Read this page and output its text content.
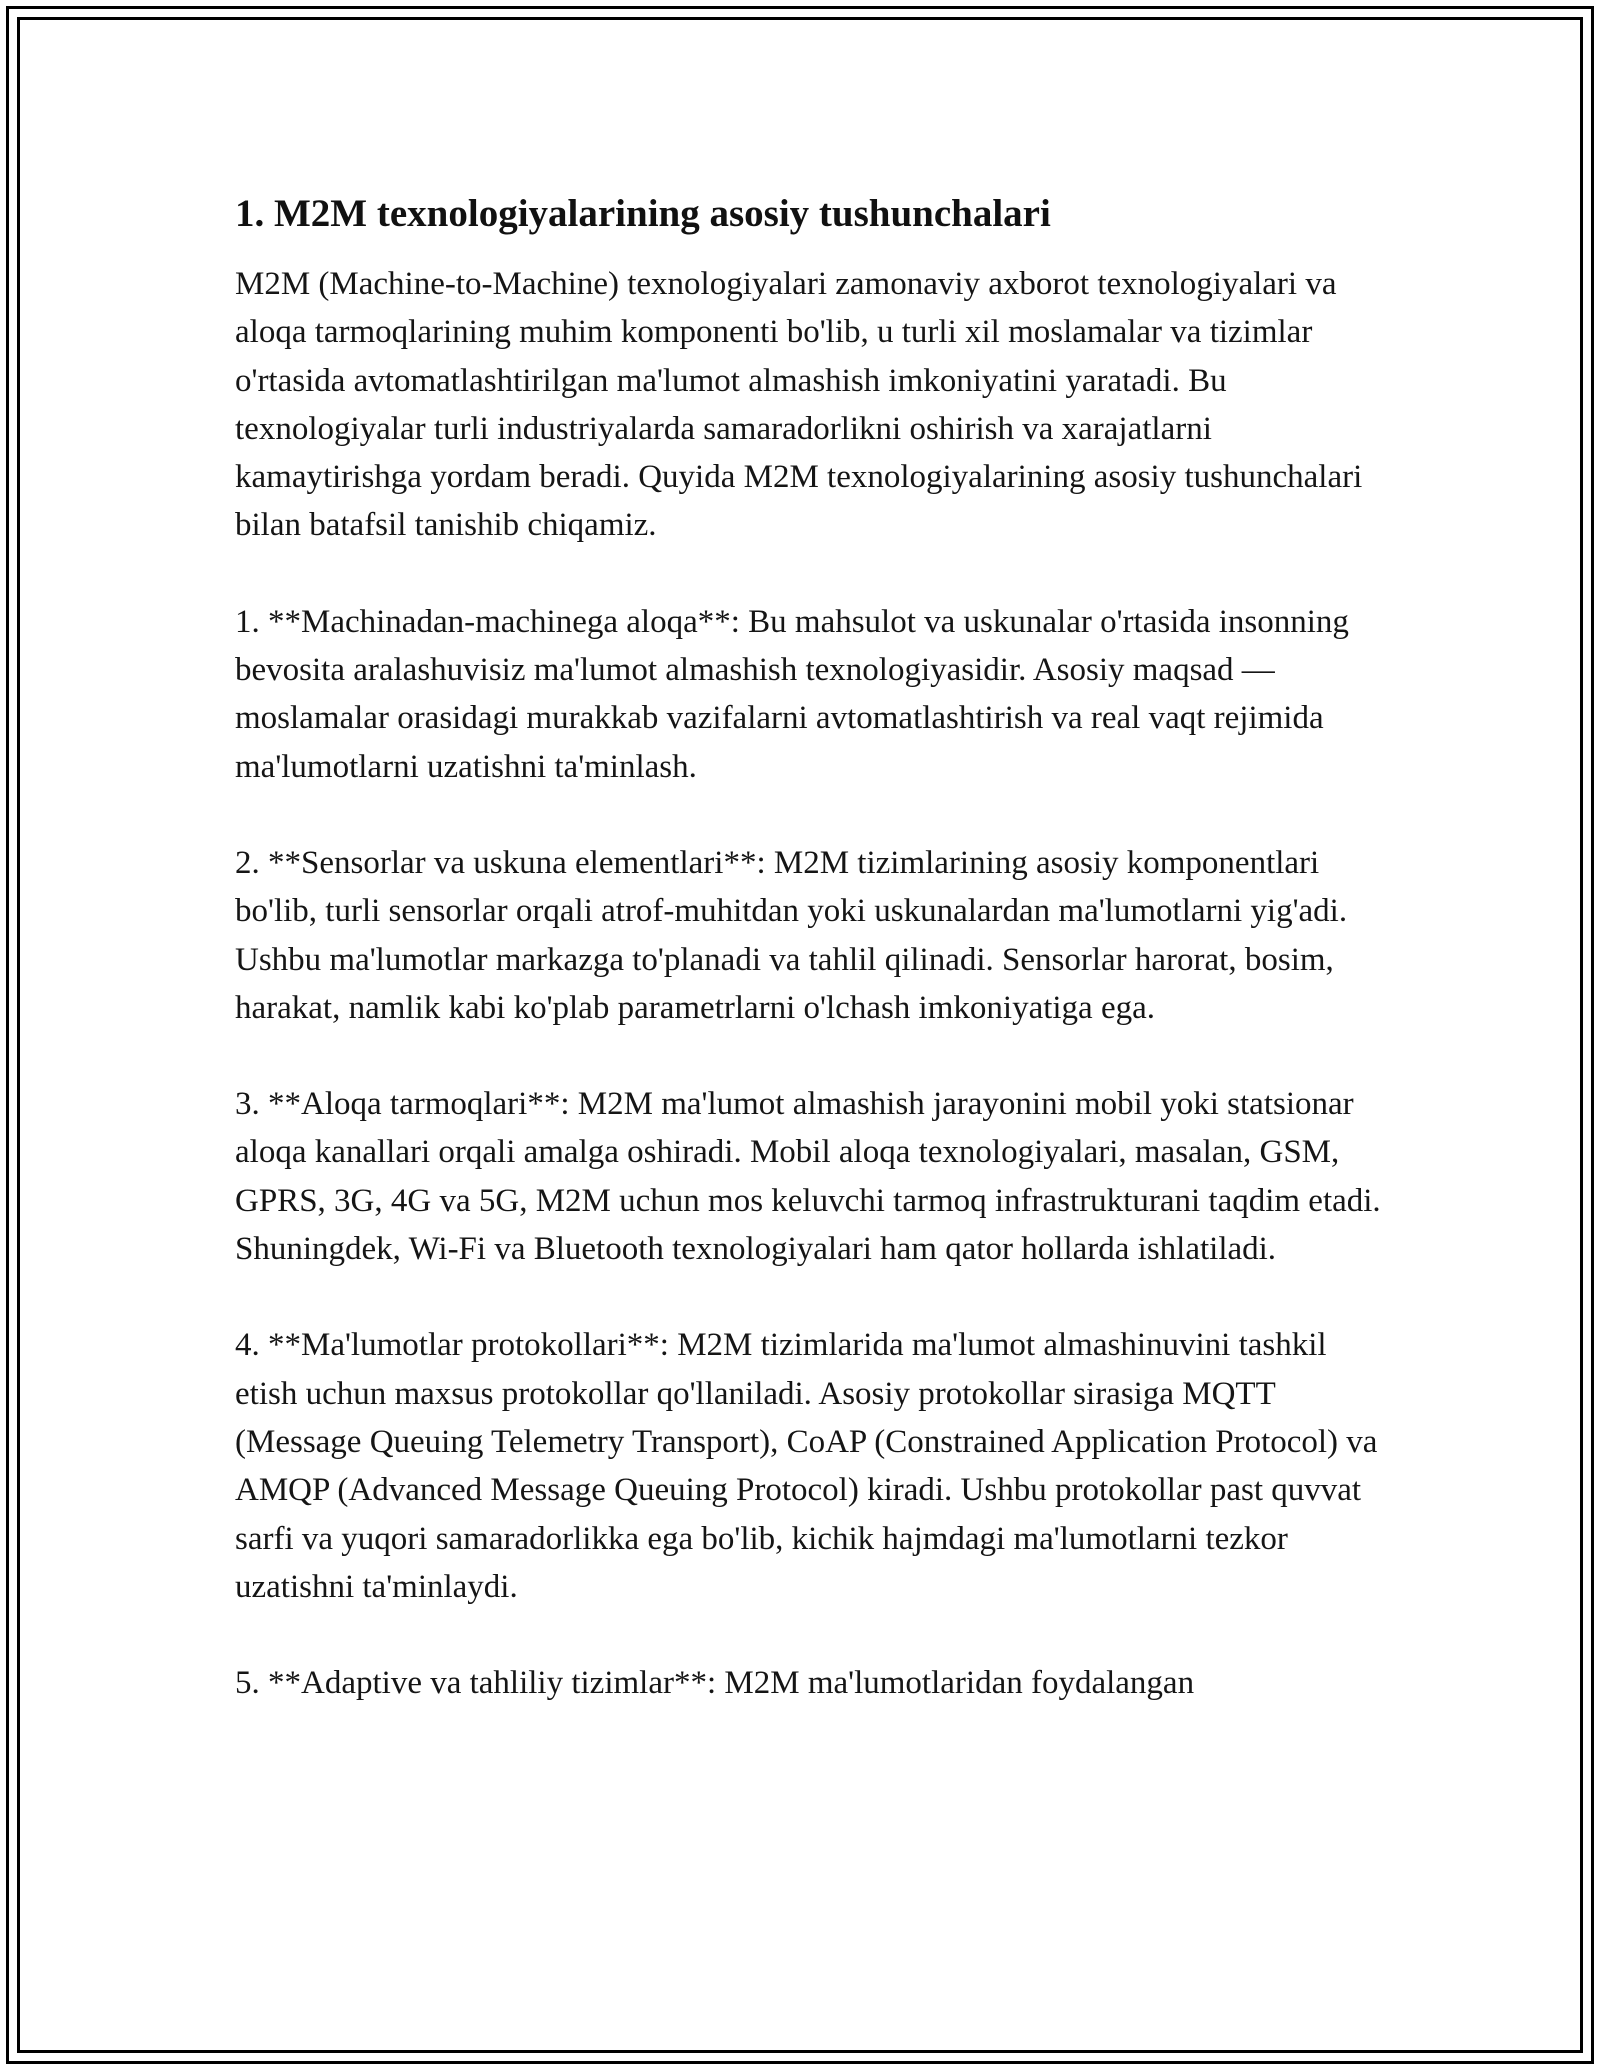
1. M2M texnologiyalarining asosiy tushunchalari

M2M (Machine-to-Machine) texnologiyalari zamonaviy axborot texnologiyalari va aloqa tarmoqlarining muhim komponenti bo'lib, u turli xil moslamalar va tizimlar o'rtasida avtomatlashtirilgan ma'lumot almashish imkoniyatini yaratadi. Bu texnologiyalar turli industriyalarda samaradorlikni oshirish va xarajatlarni kamaytirishga yordam beradi. Quyida M2M texnologiyalarining asosiy tushunchalari bilan batafsil tanishib chiqamiz.

1. **Machinadan-machinega aloqa**: Bu mahsulot va uskunalar o'rtasida insonning bevosita aralashuvisiz ma'lumot almashish texnologiyasidir. Asosiy maqsad — moslamalar orasidagi murakkab vazifalarni avtomatlashtirish va real vaqt rejimida ma'lumotlarni uzatishni ta'minlash.

2. **Sensorlar va uskuna elementlari**: M2M tizimlarining asosiy komponentlari bo'lib, turli sensorlar orqali atrof-muhitdan yoki uskunalardan ma'lumotlarni yig'adi. Ushbu ma'lumotlar markazga to'planadi va tahlil qilinadi. Sensorlar harorat, bosim, harakat, namlik kabi ko'plab parametrlarni o'lchash imkoniyatiga ega.

3. **Aloqa tarmoqlari**: M2M ma'lumot almashish jarayonini mobil yoki statsionar aloqa kanallari orqali amalga oshiradi. Mobil aloqa texnologiyalari, masalan, GSM, GPRS, 3G, 4G va 5G, M2M uchun mos keluvchi tarmoq infrastrukturani taqdim etadi. Shuningdek, Wi-Fi va Bluetooth texnologiyalari ham qator hollarda ishlatiladi.

4. **Ma'lumotlar protokollari**: M2M tizimlarida ma'lumot almashinuvini tashkil etish uchun maxsus protokollar qo'llaniladi. Asosiy protokollar sirasiga MQTT (Message Queuing Telemetry Transport), CoAP (Constrained Application Protocol) va AMQP (Advanced Message Queuing Protocol) kiradi. Ushbu protokollar past quvvat sarfi va yuqori samaradorlikka ega bo'lib, kichik hajmdagi ma'lumotlarni tezkor uzatishni ta'minlaydi.

5. **Adaptive va tahliliy tizimlar**: M2M ma'lumotlaridan foydalangan
